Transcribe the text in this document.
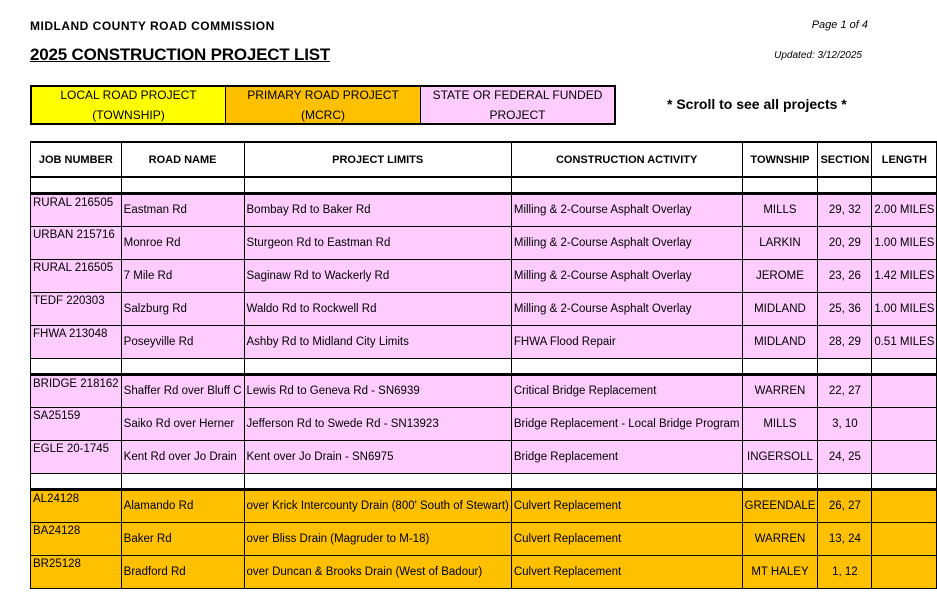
MIDLAND COUNTY ROAD COMMISSION	Page 1 of 4
2025 CONSTRUCTION PROJECT LIST	Updated: 3/12/2025
LOCAL ROAD PROJECT (TOWNSHIP)
PRIMARY ROAD PROJECT (MCRC)
STATE OR FEDERAL FUNDED PROJECT
* Scroll to see all projects *
JOB NUMBER	ROAD NAME	PROJECT LIMITS	CONSTRUCTION ACTIVITY	TOWNSHIP	SECTION	LENGTH

RURAL 216505	Eastman Rd	Bombay Rd to Baker Rd	Milling & 2-Course Asphalt Overlay	MILLS	29, 32	2.00 MILES
URBAN 215716	Monroe Rd	Sturgeon Rd to Eastman Rd	Milling & 2-Course Asphalt Overlay	LARKIN	20, 29	1.00 MILES
RURAL 216505	7 Mile Rd	Saginaw Rd to Wackerly Rd	Milling & 2-Course Asphalt Overlay	JEROME	23, 26	1.42 MILES
TEDF 220303	Salzburg Rd	Waldo Rd to Rockwell Rd	Milling & 2-Course Asphalt Overlay	MIDLAND	25, 36	1.00 MILES
FHWA 213048	Poseyville Rd	Ashby Rd to Midland City Limits	FHWA Flood Repair	MIDLAND	28, 29	0.51 MILES

BRIDGE 218162	Shaffer Rd over Bluff C	Lewis Rd to Geneva Rd - SN6939	Critical Bridge Replacement	WARREN	22, 27	
SA25159	Saiko Rd over Herner	Jefferson Rd to Swede Rd - SN13923	Bridge Replacement - Local Bridge Program	MILLS	3, 10	
EGLE 20-1745	Kent Rd over Jo Drain	Kent over Jo Drain - SN6975	Bridge Replacement	INGERSOLL	24, 25	

AL24128	Alamando Rd	over Krick Intercounty Drain (800' South of Stewart)	Culvert Replacement	GREENDALE	26, 27	
BA24128	Baker Rd	over Bliss Drain (Magruder to M-18)	Culvert Replacement	WARREN	13, 24	
BR25128	Bradford Rd	over Duncan & Brooks Drain (West of Badour)	Culvert Replacement	MT HALEY	1, 12	
